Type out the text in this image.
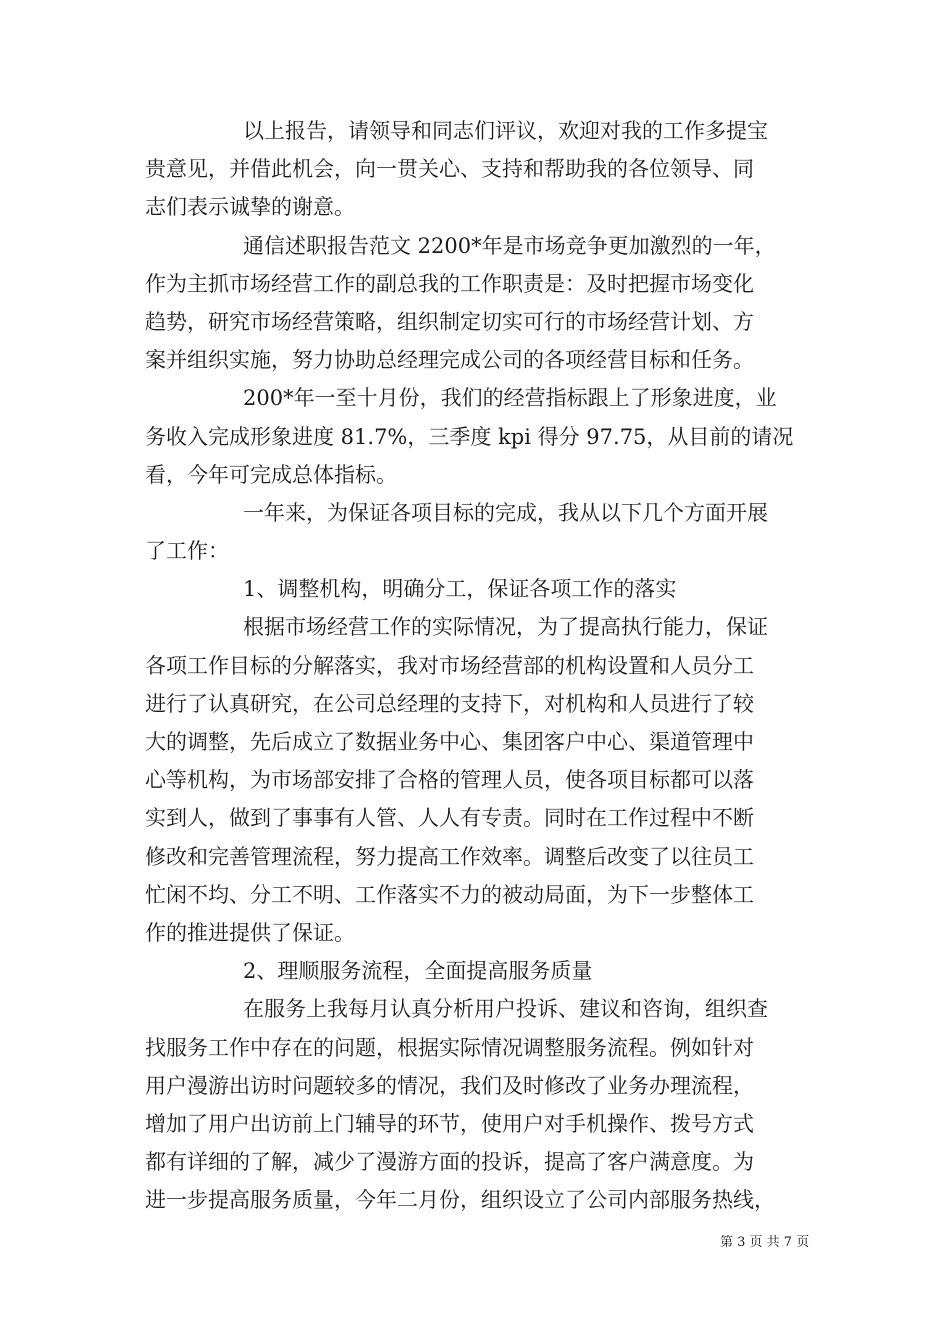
以上报告，请领导和同志们评议，欢迎对我的工作多提宝
贵意见，并借此机会，向一贯关心、支持和帮助我的各位领导、同
志们表示诚挚的谢意。
通信述职报告范文 2200*年是市场竞争更加激烈的一年，
作为主抓市场经营工作的副总我的工作职责是：及时把握市场变化
趋势，研究市场经营策略，组织制定切实可行的市场经营计划、方
案并组织实施，努力协助总经理完成公司的各项经营目标和任务。
200*年一至十月份，我们的经营指标跟上了形象进度，业
务收入完成形象进度 81.7%，三季度 kpi 得分 97.75，从目前的请况
看，今年可完成总体指标。
一年来，为保证各项目标的完成，我从以下几个方面开展
了工作：
1、调整机构，明确分工，保证各项工作的落实
根据市场经营工作的实际情况，为了提高执行能力，保证
各项工作目标的分解落实，我对市场经营部的机构设置和人员分工
进行了认真研究，在公司总经理的支持下，对机构和人员进行了较
大的调整，先后成立了数据业务中心、集团客户中心、渠道管理中
心等机构，为市场部安排了合格的管理人员，使各项目标都可以落
实到人，做到了事事有人管、人人有专责。同时在工作过程中不断
修改和完善管理流程，努力提高工作效率。调整后改变了以往员工
忙闲不均、分工不明、工作落实不力的被动局面，为下一步整体工
作的推进提供了保证。
2、理顺服务流程，全面提高服务质量
在服务上我每月认真分析用户投诉、建议和咨询，组织查
找服务工作中存在的问题，根据实际情况调整服务流程。例如针对
用户漫游出访时问题较多的情况，我们及时修改了业务办理流程，
增加了用户出访前上门辅导的环节，使用户对手机操作、拨号方式
都有详细的了解，减少了漫游方面的投诉，提高了客户满意度。为
进一步提高服务质量，今年二月份，组织设立了公司内部服务热线，
第 3 页 共 7 页
